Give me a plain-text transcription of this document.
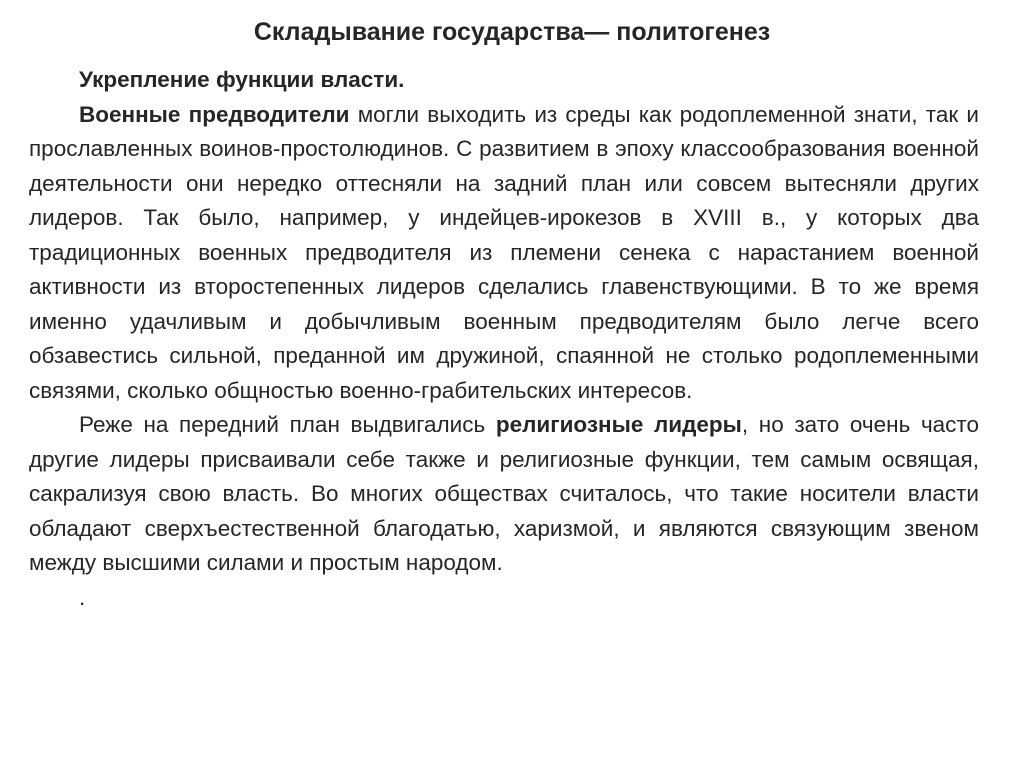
Складывание государства— политогенез

Укрепление функции власти.

Военные предводители могли выходить из среды как родоплеменной знати, так и прославленных воинов-простолюдинов. С развитием в эпоху классообразования военной деятельности они нередко оттесняли на задний план или совсем вытесняли других лидеров. Так было, например, у индейцев-ирокезов в XVIII в., у которых два традиционных военных предводителя из племени сенека с нарастанием военной активности из второстепенных лидеров сделались главенствующими. В то же время именно удачливым и добычливым военным предводителям было легче всего обзавестись сильной, преданной им дружиной, спаянной не столько родоплеменными связями, сколько общностью военно-грабительских интересов.

Реже на передний план выдвигались религиозные лидеры, но зато очень часто другие лидеры присваивали себе также и религиозные функции, тем самым освящая, сакрализуя свою власть. Во многих обществах считалось, что такие носители власти обладают сверхъестественной благодатью, харизмой, и являются связующим звеном между высшими силами и простым народом.

.
